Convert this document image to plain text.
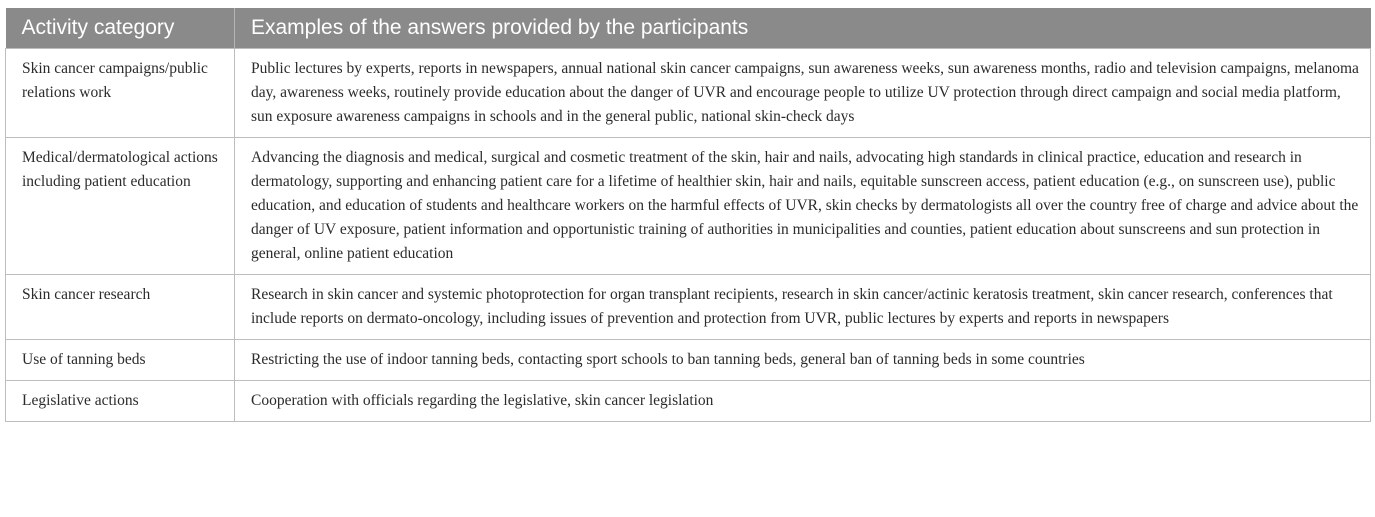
Activity category	Examples of the answers provided by the participants
Skin cancer campaigns/public relations work	Public lectures by experts, reports in newspapers, annual national skin cancer campaigns, sun awareness weeks, sun awareness months, radio and television campaigns, melanoma day, awareness weeks, routinely provide education about the danger of UVR and encourage people to utilize UV protection through direct campaign and social media platform, sun exposure awareness campaigns in schools and in the general public, national skin-check days
Medical/dermatological actions including patient education	Advancing the diagnosis and medical, surgical and cosmetic treatment of the skin, hair and nails, advocating high standards in clinical practice, education and research in dermatology, supporting and enhancing patient care for a lifetime of healthier skin, hair and nails, equitable sunscreen access, patient education (e.g., on sunscreen use), public education, and education of students and healthcare workers on the harmful effects of UVR, skin checks by dermatologists all over the country free of charge and advice about the danger of UV exposure, patient information and opportunistic training of authorities in municipalities and counties, patient education about sunscreens and sun protection in general, online patient education
Skin cancer research	Research in skin cancer and systemic photoprotection for organ transplant recipients, research in skin cancer/actinic keratosis treatment, skin cancer research, conferences that include reports on dermato-oncology, including issues of prevention and protection from UVR, public lectures by experts and reports in newspapers
Use of tanning beds	Restricting the use of indoor tanning beds, contacting sport schools to ban tanning beds, general ban of tanning beds in some countries
Legislative actions	Cooperation with officials regarding the legislative, skin cancer legislation
